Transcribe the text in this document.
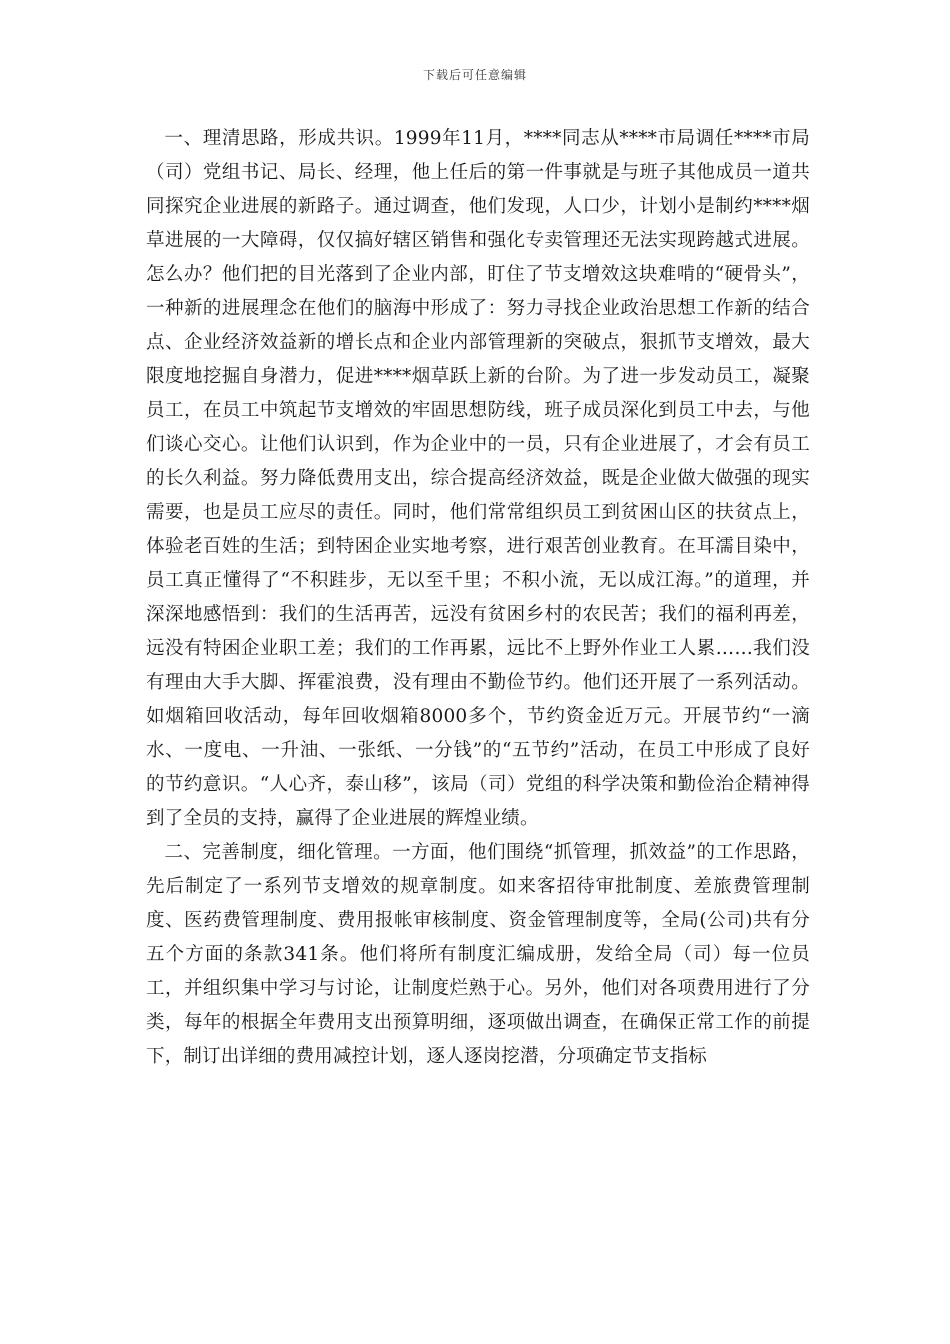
下载后可任意编辑

一、理清思路，形成共识。1999年11月，****同志从****市局调任****市局（司）党组书记、局长、经理，他上任后的第一件事就是与班子其他成员一道共同探究企业进展的新路子。通过调查，他们发现，人口少，计划小是制约****烟草进展的一大障碍，仅仅搞好辖区销售和强化专卖管理还无法实现跨越式进展。怎么办？他们把的目光落到了企业内部，盯住了节支增效这块难啃的“硬骨头”，一种新的进展理念在他们的脑海中形成了：努力寻找企业政治思想工作新的结合点、企业经济效益新的增长点和企业内部管理新的突破点，狠抓节支增效，最大限度地挖掘自身潜力，促进****烟草跃上新的台阶。为了进一步发动员工，凝聚员工，在员工中筑起节支增效的牢固思想防线，班子成员深化到员工中去，与他们谈心交心。让他们认识到，作为企业中的一员，只有企业进展了，才会有员工的长久利益。努力降低费用支出，综合提高经济效益，既是企业做大做强的现实需要，也是员工应尽的责任。同时，他们常常组织员工到贫困山区的扶贫点上，体验老百姓的生活；到特困企业实地考察，进行艰苦创业教育。在耳濡目染中，员工真正懂得了“不积跬步，无以至千里；不积小流，无以成江海。”的道理，并深深地感悟到：我们的生活再苦，远没有贫困乡村的农民苦；我们的福利再差，远没有特困企业职工差；我们的工作再累，远比不上野外作业工人累……我们没有理由大手大脚、挥霍浪费，没有理由不勤俭节约。他们还开展了一系列活动。如烟箱回收活动，每年回收烟箱8000多个，节约资金近万元。开展节约“一滴水、一度电、一升油、一张纸、一分钱”的“五节约”活动，在员工中形成了良好的节约意识。“人心齐，泰山移”，该局（司）党组的科学决策和勤俭治企精神得到了全员的支持，赢得了企业进展的辉煌业绩。

二、完善制度，细化管理。一方面，他们围绕“抓管理，抓效益”的工作思路，先后制定了一系列节支增效的规章制度。如来客招待审批制度、差旅费管理制度、医药费管理制度、费用报帐审核制度、资金管理制度等，全局(公司)共有分五个方面的条款341条。他们将所有制度汇编成册，发给全局（司）每一位员工，并组织集中学习与讨论，让制度烂熟于心。另外，他们对各项费用进行了分类，每年的根据全年费用支出预算明细，逐项做出调查，在确保正常工作的前提下，制订出详细的费用减控计划，逐人逐岗挖潜，分项确定节支指标
